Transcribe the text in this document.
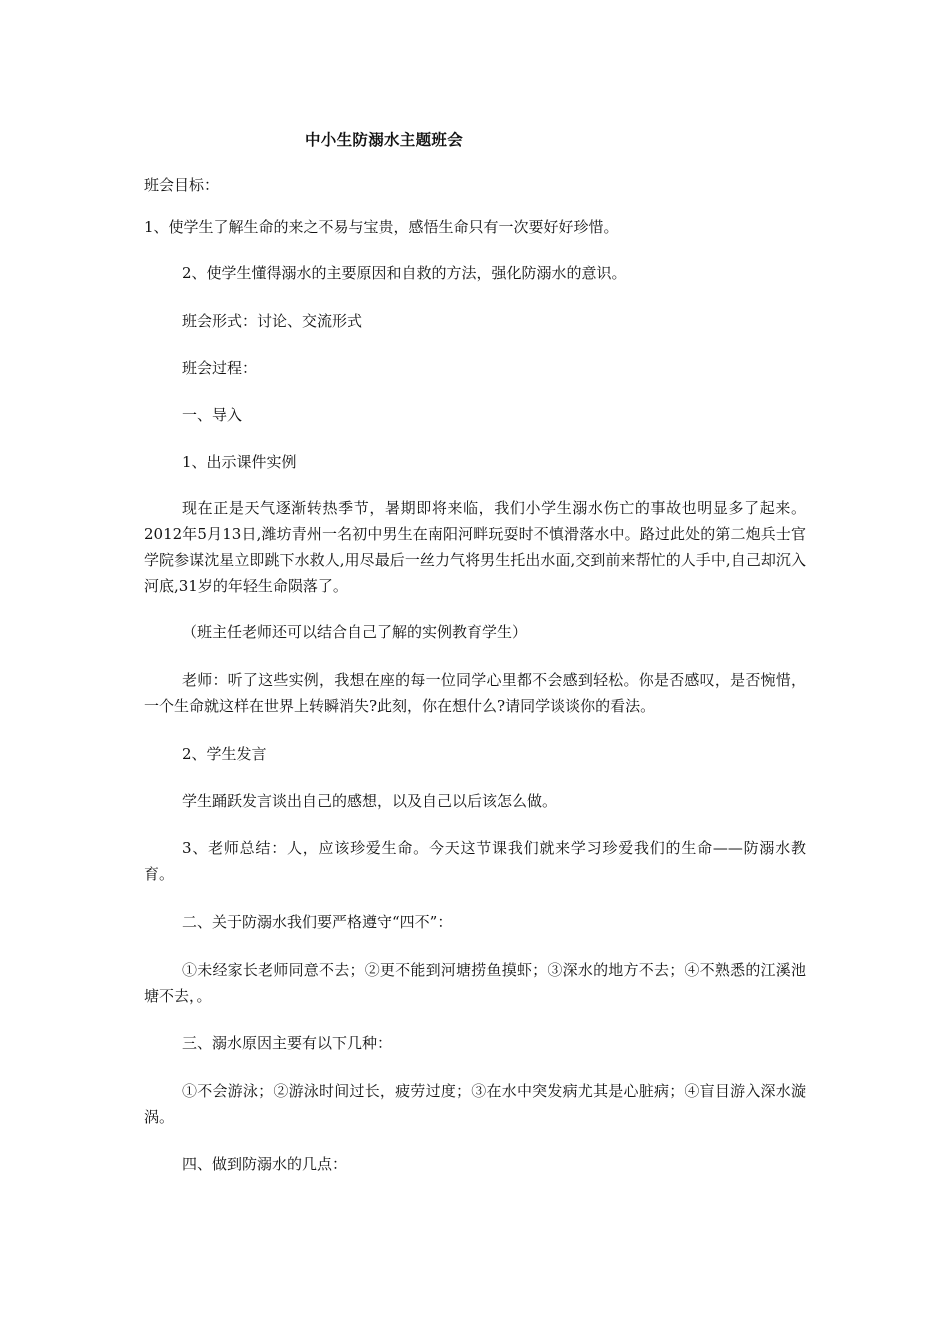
中小生防溺水主题班会

班会目标：

1、使学生了解生命的来之不易与宝贵，感悟生命只有一次要好好珍惜。

2、使学生懂得溺水的主要原因和自救的方法，强化防溺水的意识。

班会形式：讨论、交流形式

班会过程：

一、导入

1、出示课件实例

现在正是天气逐渐转热季节，暑期即将来临，我们小学生溺水伤亡的事故也明显多了起来。2012年5月13日,潍坊青州一名初中男生在南阳河畔玩耍时不慎滑落水中。路过此处的第二炮兵士官学院参谋沈星立即跳下水救人,用尽最后一丝力气将男生托出水面,交到前来帮忙的人手中,自己却沉入河底,31岁的年轻生命陨落了。

（班主任老师还可以结合自己了解的实例教育学生）

老师：听了这些实例，我想在座的每一位同学心里都不会感到轻松。你是否感叹，是否惋惜，一个生命就这样在世界上转瞬消失?此刻，你在想什么?请同学谈谈你的看法。

2、学生发言

学生踊跃发言谈出自己的感想，以及自己以后该怎么做。

3、老师总结：人，应该珍爱生命。今天这节课我们就来学习珍爱我们的生命——防溺水教育。

二、关于防溺水我们要严格遵守“四不”：

①未经家长老师同意不去；②更不能到河塘捞鱼摸虾；③深水的地方不去；④不熟悉的江溪池塘不去，。

三、溺水原因主要有以下几种：

①不会游泳；②游泳时间过长，疲劳过度；③在水中突发病尤其是心脏病；④盲目游入深水漩涡。

四、做到防溺水的几点：
